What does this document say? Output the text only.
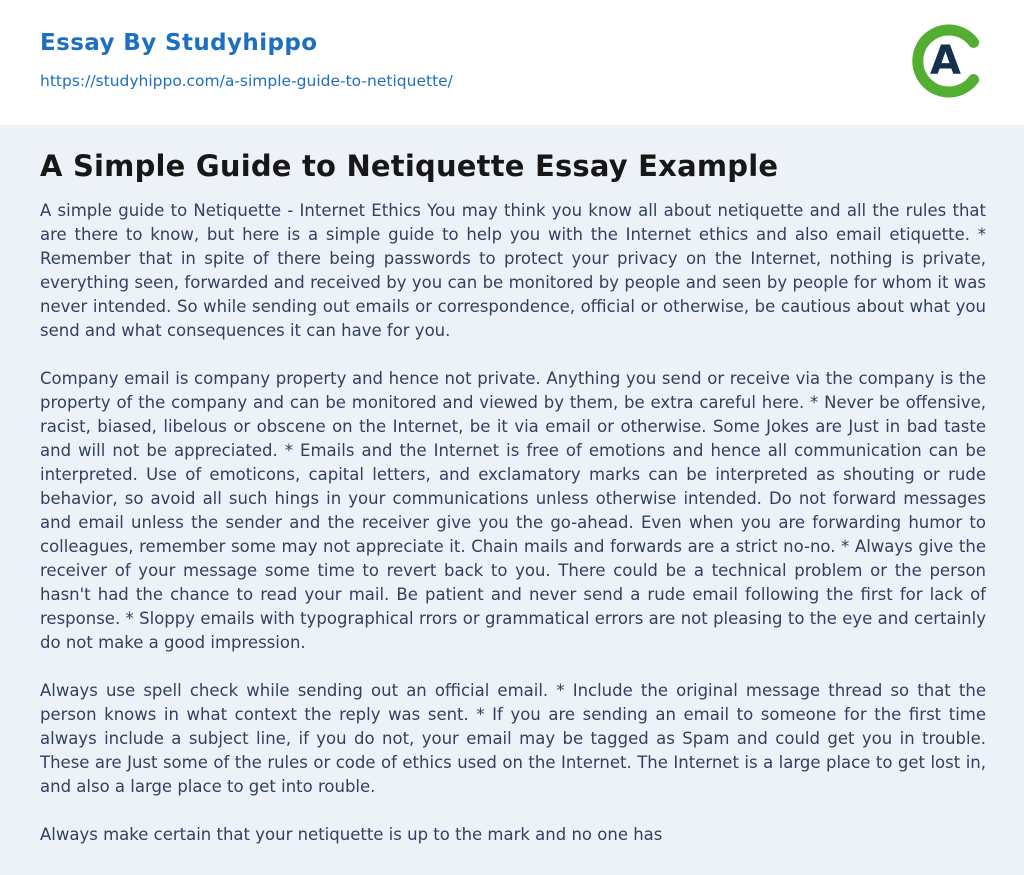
Essay By Studyhippo
https://studyhippo.com/a-simple-guide-to-netiquette/	A
A Simple Guide to Netiquette Essay Example

A simple guide to Netiquette - Internet Ethics You may think you know all about netiquette and all the rules that are there to know, but here is a simple guide to help you with the Internet ethics and also email etiquette. * Remember that in spite of there being passwords to protect your privacy on the Internet, nothing is private, everything seen, forwarded and received by you can be monitored by people and seen by people for whom it was never intended. So while sending out emails or correspondence, official or otherwise, be cautious about what you send and what consequences it can have for you.

Company email is company property and hence not private. Anything you send or receive via the company is the property of the company and can be monitored and viewed by them, be extra careful here. * Never be offensive, racist, biased, libelous or obscene on the Internet, be it via email or otherwise. Some Jokes are Just in bad taste and will not be appreciated. * Emails and the Internet is free of emotions and hence all communication can be interpreted. Use of emoticons, capital letters, and exclamatory marks can be interpreted as shouting or rude behavior, so avoid all such hings in your communications unless otherwise intended. Do not forward messages and email unless the sender and the receiver give you the go-ahead. Even when you are forwarding humor to colleagues, remember some may not appreciate it. Chain mails and forwards are a strict no-no. * Always give the receiver of your message some time to revert back to you. There could be a technical problem or the person hasn't had the chance to read your mail. Be patient and never send a rude email following the first for lack of response. * Sloppy emails with typographical rrors or grammatical errors are not pleasing to the eye and certainly do not make a good impression.

Always use spell check while sending out an official email. * Include the original message thread so that the person knows in what context the reply was sent. * If you are sending an email to someone for the first time always include a subject line, if you do not, your email may be tagged as Spam and could get you in trouble. These are Just some of the rules or code of ethics used on the Internet. The Internet is a large place to get lost in, and also a large place to get into rouble.

Always make certain that your netiquette is up to the mark and no one has
